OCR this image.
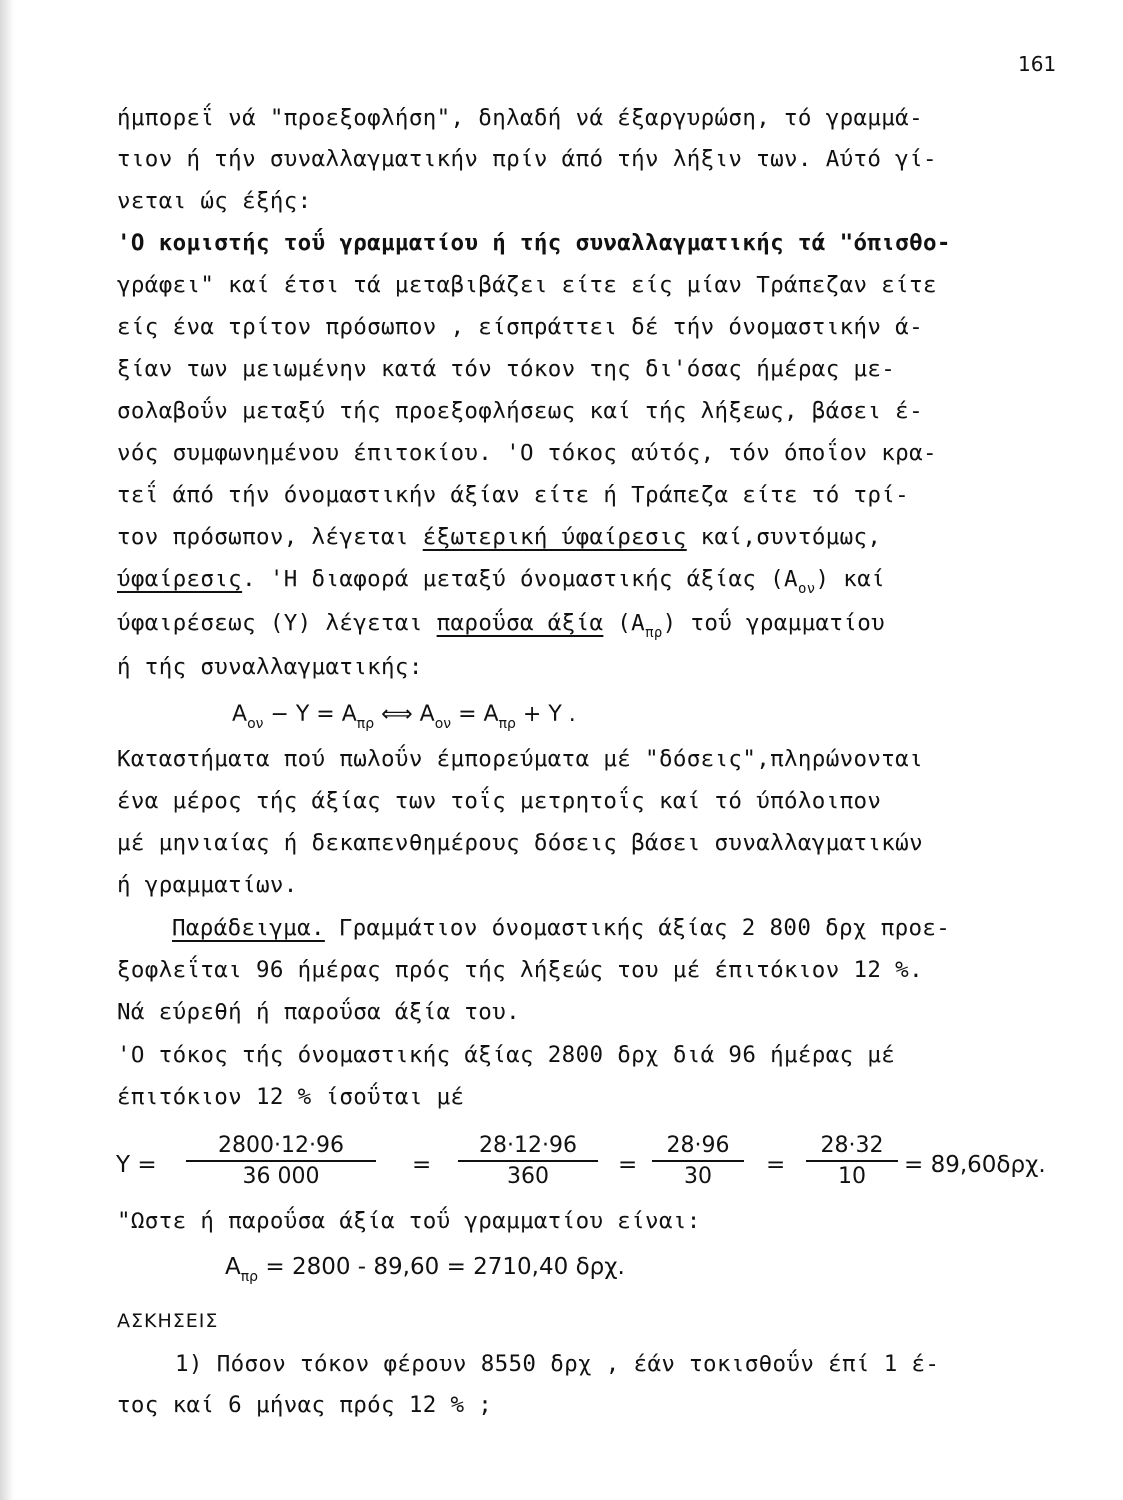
161
ήμπορεΐ νά "προεξοφλήση", δηλαδή νά έξαργυρώση, τό γραμμά-
τιον ή τήν συναλλαγματικήν πρίν άπό τήν λήξιν των. Αύτό γί-
νεται ώς έξής:
'Ο κομιστής τοΰ γραμματίου ή τής συναλλαγματικής τά "όπισθο-
γράφει" καί έτσι τά μεταβιβάζει είτε είς μίαν Τράπεζαν είτε
είς ένα τρίτον πρόσωπον , είσπράττει δέ τήν όνομαστικήν ά-
ξίαν των μειωμένην κατά τόν τόκον της δι'όσας ήμέρας με-
σολαβοΰν μεταξύ τής προεξοφλήσεως καί τής λήξεως, βάσει έ-
νός συμφωνημένου έπιτοκίου. 'Ο τόκος αύτός, τόν όποΐον κρα-
τεΐ άπό τήν όνομαστικήν άξίαν είτε ή Τράπεζα είτε τό τρί-
τον πρόσωπον, λέγεται έξωτερική ύφαίρεσις καί,συντόμως,
ύφαίρεσις. 'Η διαφορά μεταξύ όνομαστικής άξίας $(A_{o\nu})$ καί
ύφαιρέσεως (Υ) λέγεται παροΰσα άξία $(A_{\pi\rho})$ τοΰ γραμματίου
ή τής συναλλαγματικής:
$A_{o\nu} - \Upsilon = A_{\pi\rho}$ ⟺ $A_{o\nu} = A_{\pi\rho} + \Upsilon$ .
Καταστήματα πού πωλοΰν έμπορεύματα μέ "δόσεις",πληρώνονται
ένα μέρος τής άξίας των τοΐς μετρητοΐς καί τό ύπόλοιπον
μέ μηνιαίας ή δεκαπενθημέρους δόσεις βάσει συναλλαγματικών
ή γραμματίων.
Παράδειγμα. Γραμμάτιον όνομαστικής άξίας 2 800 δρχ προε-
ξοφλεΐται 96 ήμέρας πρός τής λήξεώς του μέ έπιτόκιον 12 %.
Νά εύρεθή ή παροΰσα άξία του.
'Ο τόκος τής όνομαστικής άξίας 2800 δρχ διά 96 ήμέρας μέ
έπιτόκιον 12 % ίσοΰται μέ
$\Upsilon = \frac{2800\cdot 12\cdot 96}{36 000} = \frac{28\cdot 12\cdot 96}{360} = \frac{28\cdot 96}{30} = \frac{28\cdot 32}{10} = 89,60\delta\rho\chi$.
"Ωστε ή παροΰσα άξία τοΰ γραμματίου είναι:
$A_{\pi\rho} = 2800 - 89,60 = 2710,40$ δρχ.
ΑΣΚΗΣΕΙΣ
1) Πόσον τόκον φέρουν 8550 δρχ , έάν τοκισθοΰν έπί 1 έ-
τος καί 6 μήνας πρός 12 % ;
